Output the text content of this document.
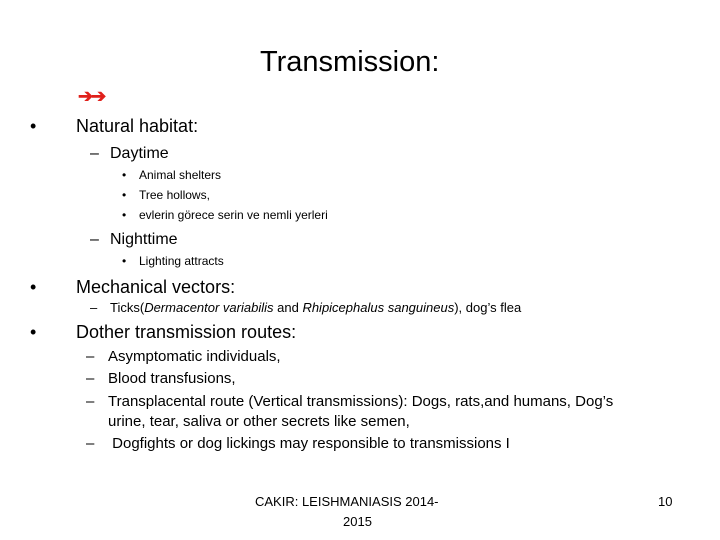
Transmission:
➔➔
• Natural habitat:
– Daytime
• Animal shelters
• Tree hollows,
• evlerin görece serin ve nemli yerleri
– Nighttime
• Lighting attracts
• Mechanical vectors:
– Ticks(Dermacentor variabilis and Rhipicephalus sanguineus), dog’s flea
• Dother transmission routes:
– Asymptomatic individuals,
– Blood transfusions,
– Transplacental route (Vertical transmissions): Dogs, rats,and humans, Dog’s
urine, tear, saliva or other secrets like semen,
– Dogfights or dog lickings may responsible to transmissions I
CAKIR: LEISHMANIASIS 2014-
2015
10
